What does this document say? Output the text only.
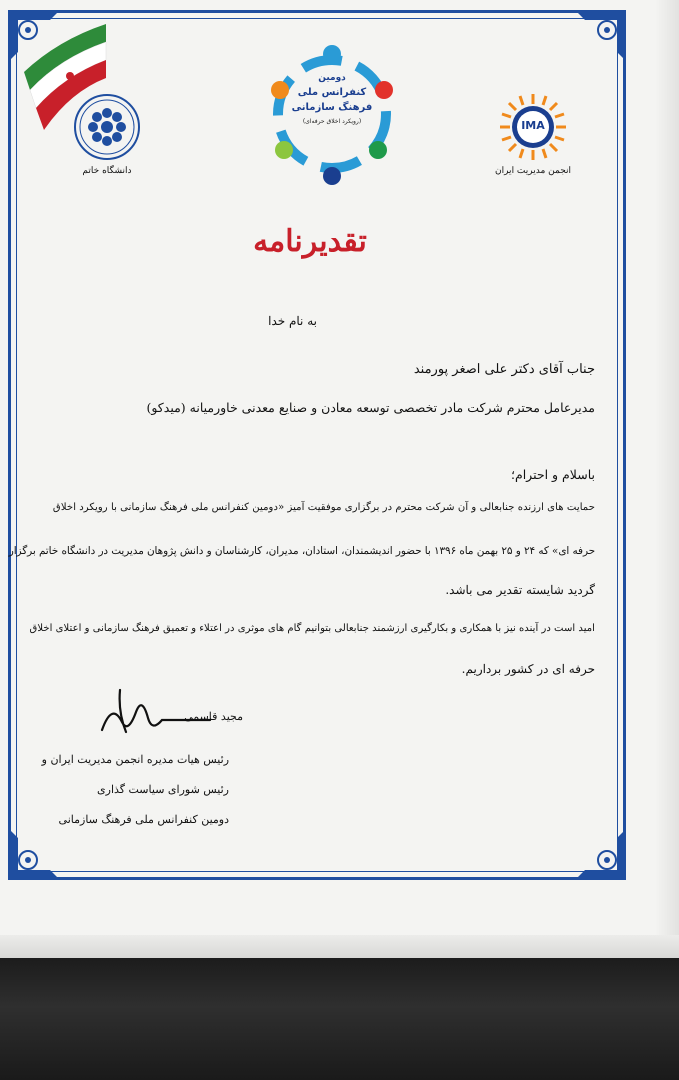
دانشگاه خاتم
دومین
کنفرانس ملی
فرهنگ سازمانی
(رویکرد اخلاق حرفه‌ای)	IMA
انجمن مدیریت ایران
تقدیرنامه
به نام خدا
جناب آقای دکتر علی اصغر پورمند
مدیرعامل محترم شرکت مادر تخصصی توسعه معادن و صنایع معدنی خاورمیانه (میدکو)
باسلام و احترام؛
حمایت های ارزنده جنابعالی و آن شرکت محترم در برگزاری موفقیت آمیز «دومین کنفرانس ملی فرهنگ سازمانی با رویکرد اخلاق
حرفه ای» که ۲۴ و ۲۵ بهمن ماه ۱۳۹۶ با حضور اندیشمندان، استادان، مدیران، کارشناسان و دانش پژوهان مدیریت در دانشگاه خاتم برگزار
گردید شایسته تقدیر می باشد.
امید است در آینده نیز با همکاری و بکارگیری ارزشمند جنابعالی بتوانیم گام های موثری در اعتلاء و تعمیق فرهنگ سازمانی و اعتلای اخلاق
حرفه ای در کشور برداریم.
مجید قاسمی
رئیس هیات مدیره انجمن مدیریت ایران و
رئیس شورای سیاست گذاری
دومین کنفرانس ملی فرهنگ سازمانی
